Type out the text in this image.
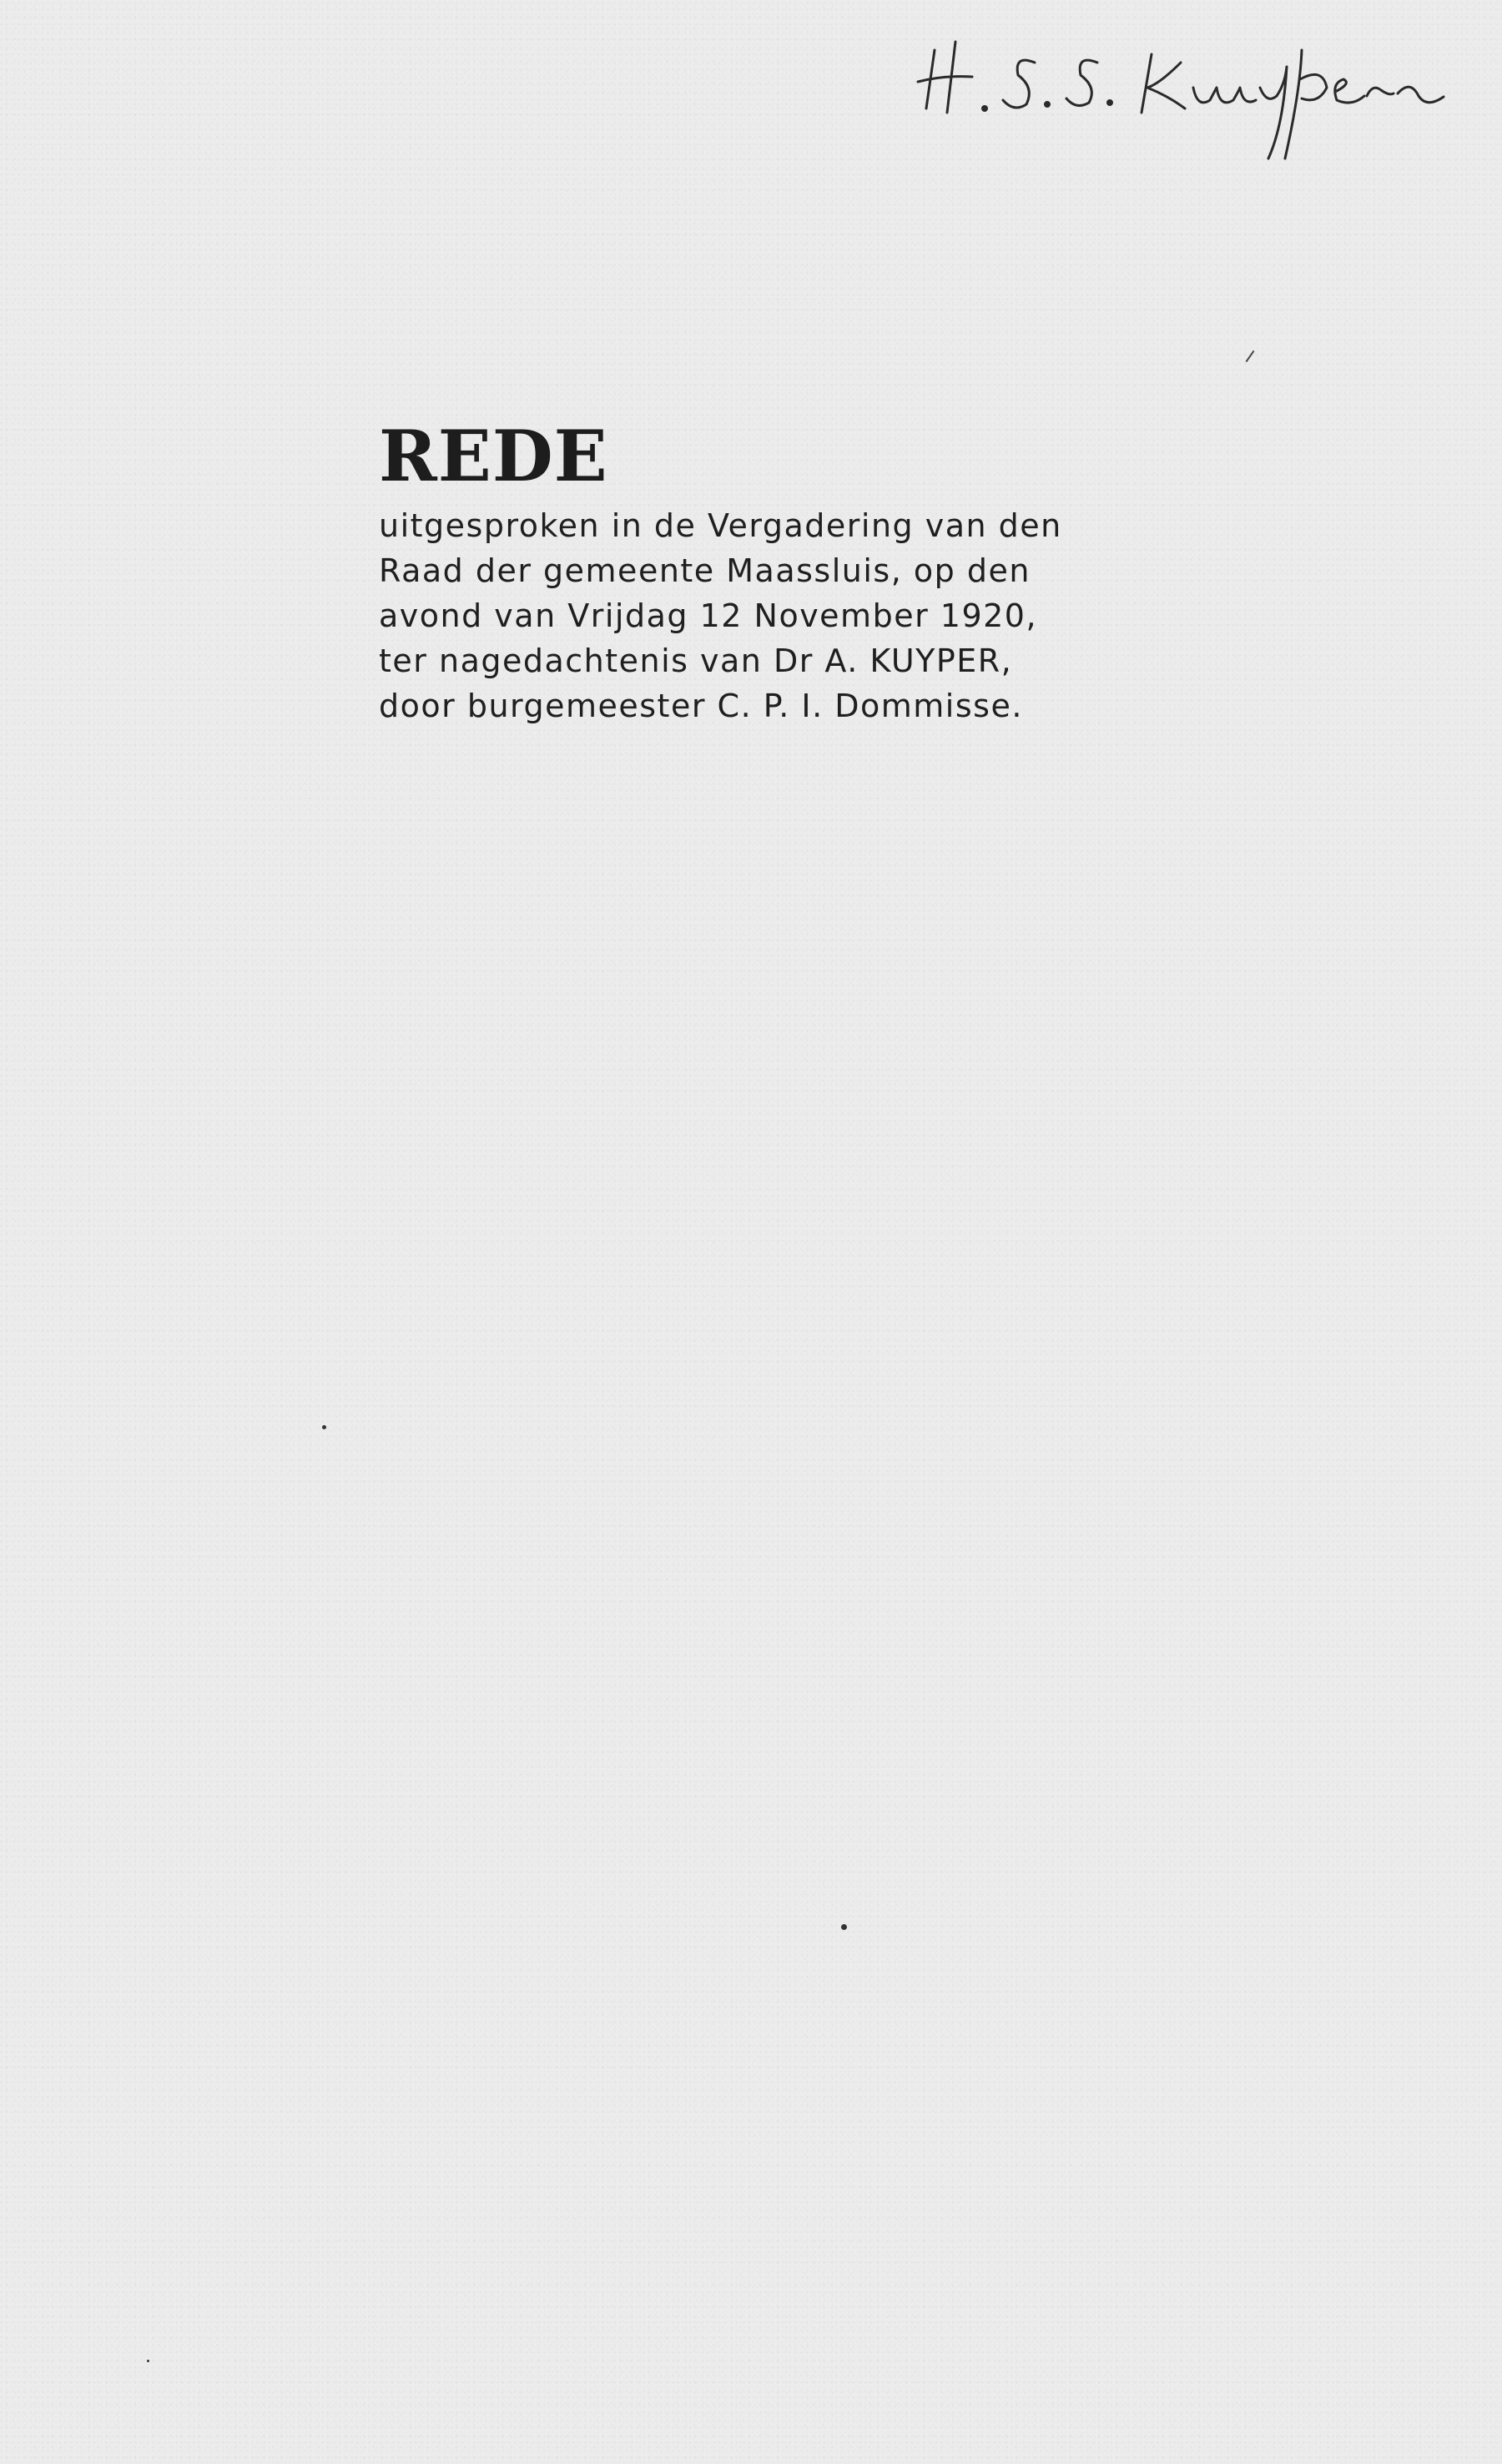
REDE
uitgesproken in de Vergadering van den
Raad der gemeente Maassluis, op den
avond van Vrijdag 12 November 1920,
ter nagedachtenis van Dr A. KUYPER,
door burgemeester C. P. I. Dommisse.
